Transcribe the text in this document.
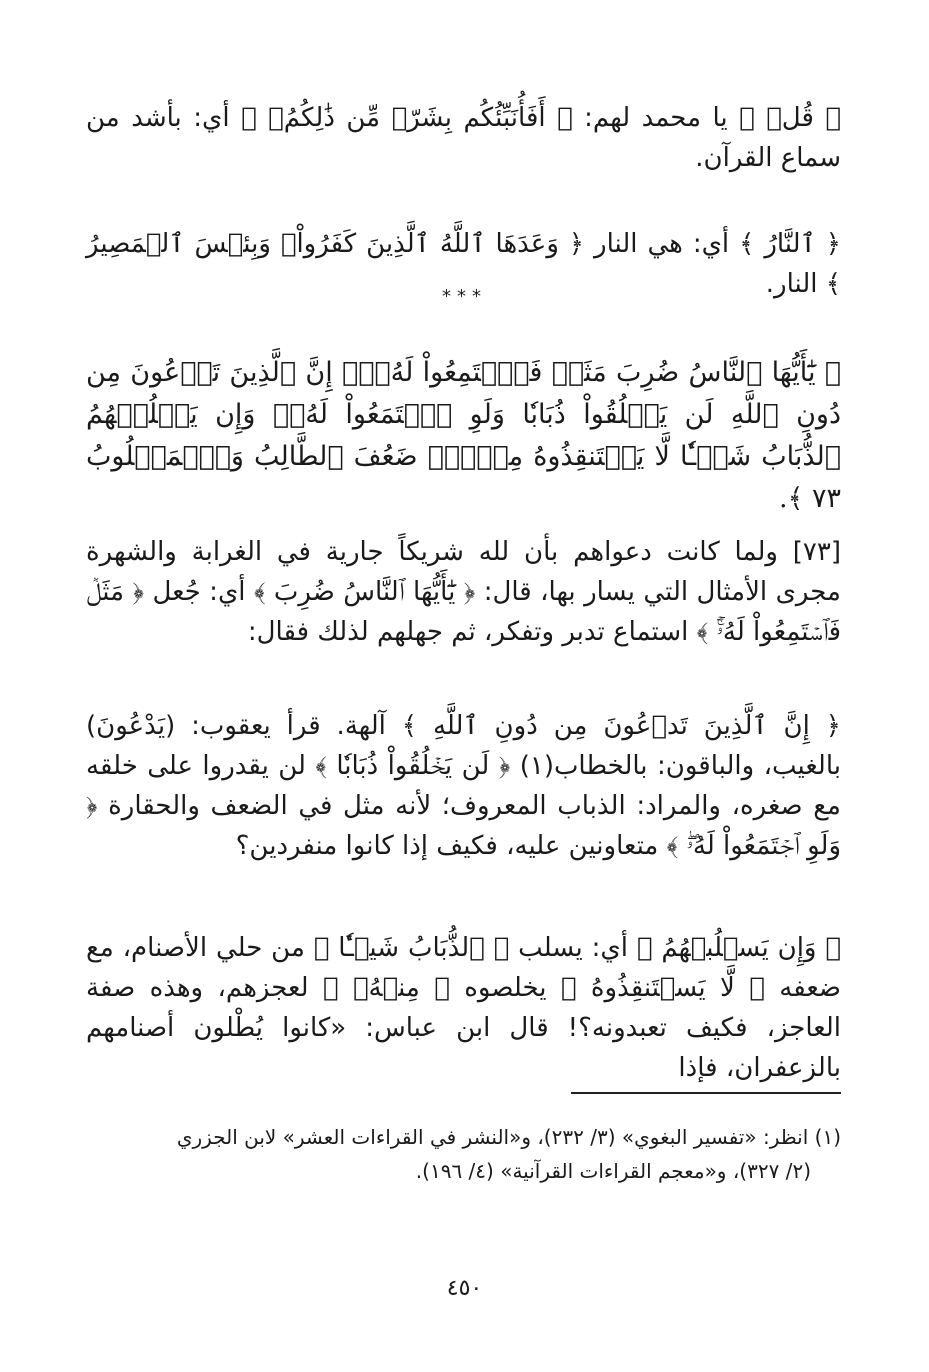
﴿ قُلۡ ﴾ يا محمد لهم: ﴿ أَفَأُنَبِّئُكُم بِشَرّٖ مِّن ذَٰلِكُمُۚ ﴾ أي: بأشد من سماع القرآن.

﴿ ٱلنَّارُ ﴾ أي: هي النار ﴿ وَعَدَهَا ٱللَّهُ ٱلَّذِينَ كَفَرُواْۖ وَبِئۡسَ ٱلۡمَصِيرُ ﴾ النار.

***

﴿ يَٰٓأَيُّهَا ٱلنَّاسُ ضُرِبَ مَثَلٞ فَٱسۡتَمِعُواْ لَهُۥٓۚ إِنَّ ٱلَّذِينَ تَدۡعُونَ مِن دُونِ ٱللَّهِ لَن يَخۡلُقُواْ ذُبَابٗا وَلَوِ ٱجۡتَمَعُواْ لَهُۥۖ وَإِن يَسۡلُبۡهُمُ ٱلذُّبَابُ شَيۡـٔٗا لَّا يَسۡتَنقِذُوهُ مِنۡهُۚ ضَعُفَ ٱلطَّالِبُ وَٱلۡمَطۡلُوبُ ٧٣ ﴾.

[٧٣] ولما كانت دعواهم بأن لله شريكاً جارية في الغرابة والشهرة مجرى الأمثال التي يسار بها، قال: ﴿ يَٰٓأَيُّهَا ٱلنَّاسُ ضُرِبَ ﴾ أي: جُعل ﴿ مَثَلٞ فَٱسۡتَمِعُواْ لَهُۥٓۚ ﴾ استماع تدبر وتفكر، ثم جهلهم لذلك فقال:

﴿ إِنَّ ٱلَّذِينَ تَدۡعُونَ مِن دُونِ ٱللَّهِ ﴾ آلهة. قرأ يعقوب: (يَدْعُونَ) بالغيب، والباقون: بالخطاب(١) ﴿ لَن يَخۡلُقُواْ ذُبَابٗا ﴾ لن يقدروا على خلقه مع صغره، والمراد: الذباب المعروف؛ لأنه مثل في الضعف والحقارة ﴿ وَلَوِ ٱجۡتَمَعُواْ لَهُۥۖ ﴾ متعاونين عليه، فكيف إذا كانوا منفردين؟

﴿ وَإِن يَسۡلُبۡهُمُ ﴾ أي: يسلب ﴿ ٱلذُّبَابُ شَيۡـٔٗا ﴾ من حلي الأصنام، مع ضعفه ﴿ لَّا يَسۡتَنقِذُوهُ ﴾ يخلصوه ﴿ مِنۡهُۚ ﴾ لعجزهم، وهذه صفة العاجز، فكيف تعبدونه؟! قال ابن عباس: «كانوا يُطْلون أصنامهم بالزعفران، فإذا

(١) انظر: «تفسير البغوي» (٣/ ٢٣٢)، و«النشر في القراءات العشر» لابن الجزري

(٢/ ٣٢٧)، و«معجم القراءات القرآنية» (٤/ ١٩٦).

٤٥٠
